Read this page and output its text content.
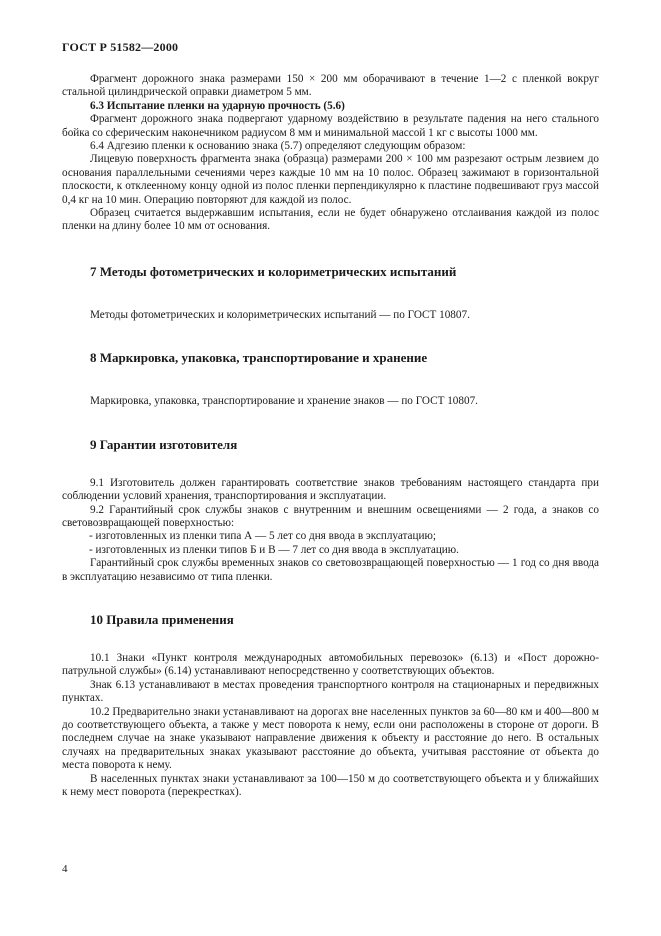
ГОСТ Р 51582—2000

Фрагмент дорожного знака размерами 150 × 200 мм оборачивают в течение 1—2 с пленкой вокруг стальной цилиндрической оправки диаметром 5 мм.

6.3 Испытание пленки на ударную прочность (5.6)

Фрагмент дорожного знака подвергают ударному воздействию в результате падения на него стального бойка со сферическим наконечником радиусом 8 мм и минимальной массой 1 кг с высоты 1000 мм.

6.4 Адгезию пленки к основанию знака (5.7) определяют следующим образом:

Лицевую поверхность фрагмента знака (образца) размерами 200 × 100 мм разрезают острым лезвием до основания параллельными сечениями через каждые 10 мм на 10 полос. Образец зажимают в горизонтальной плоскости, к отклеенному концу одной из полос пленки перпендикулярно к пластине подвешивают груз массой 0,4 кг на 10 мин. Операцию повторяют для каждой из полос.

Образец считается выдержавшим испытания, если не будет обнаружено отслаивания каждой из полос пленки на длину более 10 мм от основания.

7 Методы фотометрических и колориметрических испытаний

Методы фотометрических и колориметрических испытаний — по ГОСТ 10807.

8 Маркировка, упаковка, транспортирование и хранение

Маркировка, упаковка, транспортирование и хранение знаков — по ГОСТ 10807.

9 Гарантии изготовителя

9.1 Изготовитель должен гарантировать соответствие знаков требованиям настоящего стандарта при соблюдении условий хранения, транспортирования и эксплуатации.

9.2 Гарантийный срок службы знаков с внутренним и внешним освещениями — 2 года, а знаков со световозвращающей поверхностью:

- изготовленных из пленки типа А — 5 лет со дня ввода в эксплуатацию;

- изготовленных из пленки типов Б и В — 7 лет со дня ввода в эксплуатацию.

Гарантийный срок службы временных знаков со световозвращающей поверхностью — 1 год со дня ввода в эксплуатацию независимо от типа пленки.

10 Правила применения

10.1 Знаки «Пункт контроля международных автомобильных перевозок» (6.13) и «Пост дорожно-патрульной службы» (6.14) устанавливают непосредственно у соответствующих объектов.

Знак 6.13 устанавливают в местах проведения транспортного контроля на стационарных и передвижных пунктах.

10.2 Предварительно знаки устанавливают на дорогах вне населенных пунктов за 60—80 км и 400—800 м до соответствующего объекта, а также у мест поворота к нему, если они расположены в стороне от дороги. В последнем случае на знаке указывают направление движения к объекту и расстояние до него. В остальных случаях на предварительных знаках указывают расстояние до объекта, учитывая расстояние от объекта до места поворота к нему.

В населенных пунктах знаки устанавливают за 100—150 м до соответствующего объекта и у ближайших к нему мест поворота (перекрестках).

4
